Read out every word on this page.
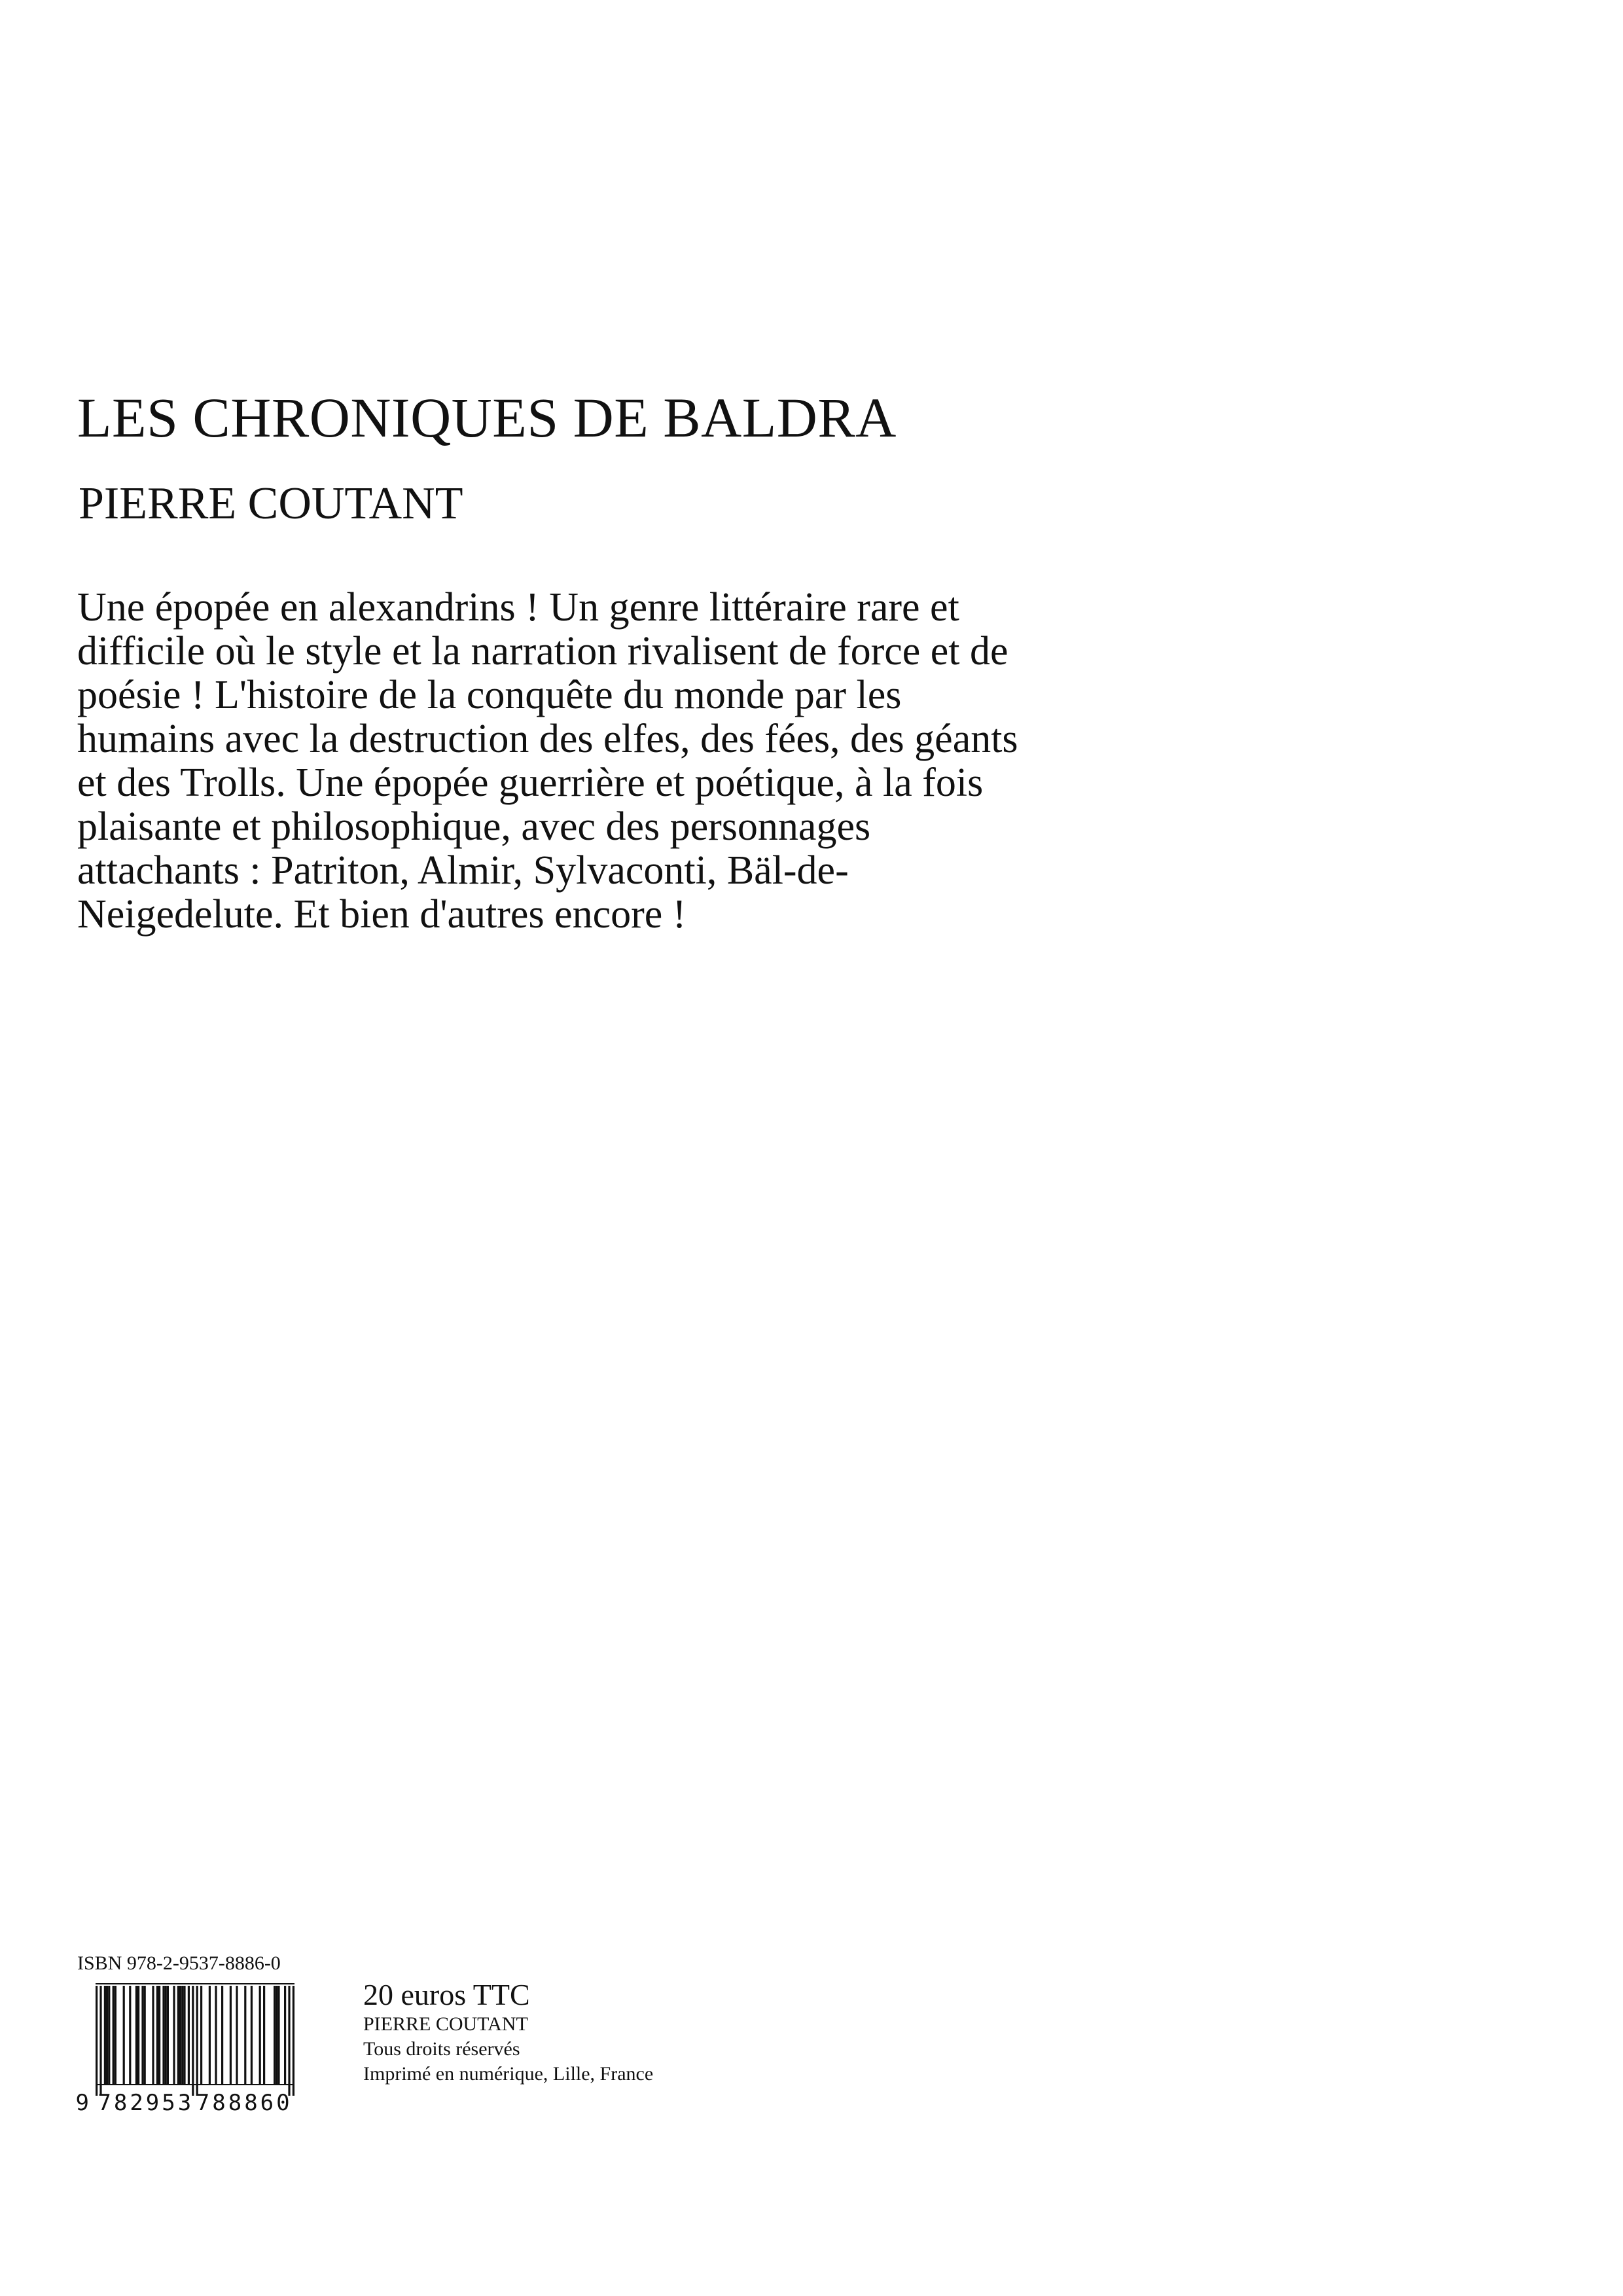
LES CHRONIQUES DE BALDRA
PIERRE COUTANT
Une épopée en alexandrins ! Un genre littéraire rare et
difficile où le style et la narration rivalisent de force et de
poésie ! L'histoire de la conquête du monde par les
humains avec la destruction des elfes, des fées, des géants
et des Trolls. Une épopée guerrière et poétique, à la fois
plaisante et philosophique, avec des personnages
attachants : Patriton, Almir, Sylvaconti, Bäl-de-
Neigedelute. Et bien d'autres encore !
ISBN 978-2-9537-8886-0
9 782953 788860
20 euros TTC
PIERRE COUTANT
Tous droits réservés
Imprimé en numérique, Lille, France
